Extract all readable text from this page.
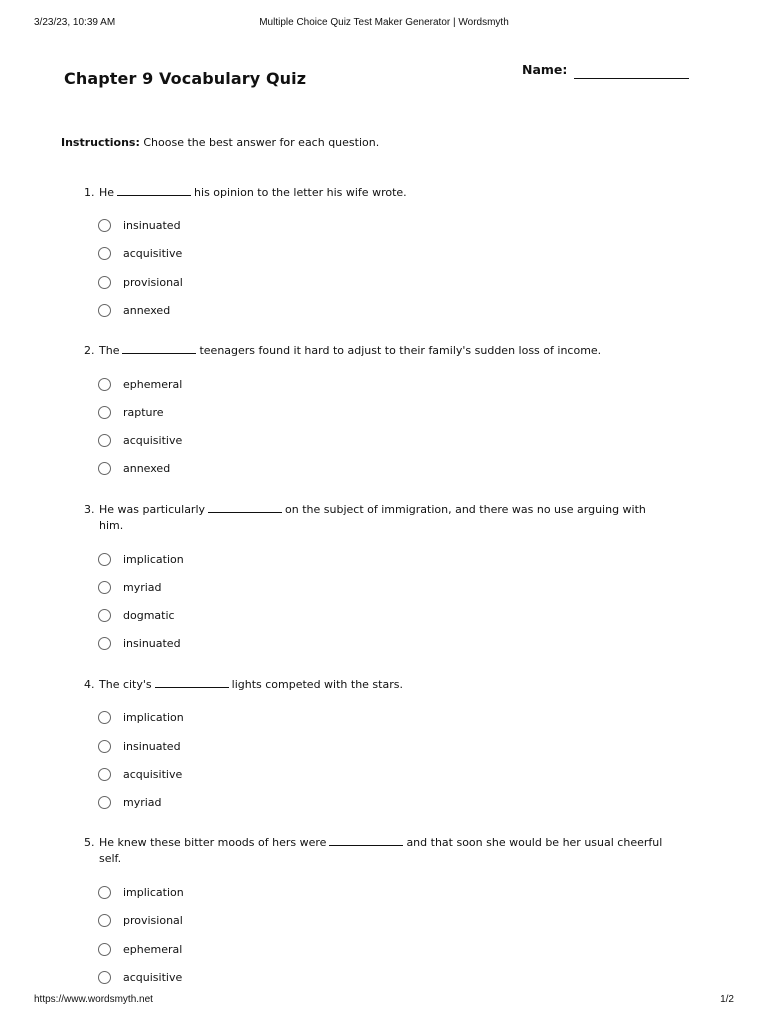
3/23/23, 10:39 AM	Multiple Choice Quiz Test Maker Generator | Wordsmyth
Chapter 9 Vocabulary Quiz	Name:
Instructions: Choose the best answer for each question.
1. He	his opinion to the letter his wife wrote.
insinuated
acquisitive
provisional
annexed
2. The	teenagers found it hard to adjust to their family's sudden loss of income.
ephemeral
rapture
acquisitive
annexed
3. He was particularly	on the subject of immigration, and there was no use arguing with him.
implication
myriad
dogmatic
insinuated
4. The city's	lights competed with the stars.
implication
insinuated
acquisitive
myriad
5. He knew these bitter moods of hers were	and that soon she would be her usual cheerful self.
implication
provisional
ephemeral
acquisitive
https://www.wordsmyth.net	1/2
